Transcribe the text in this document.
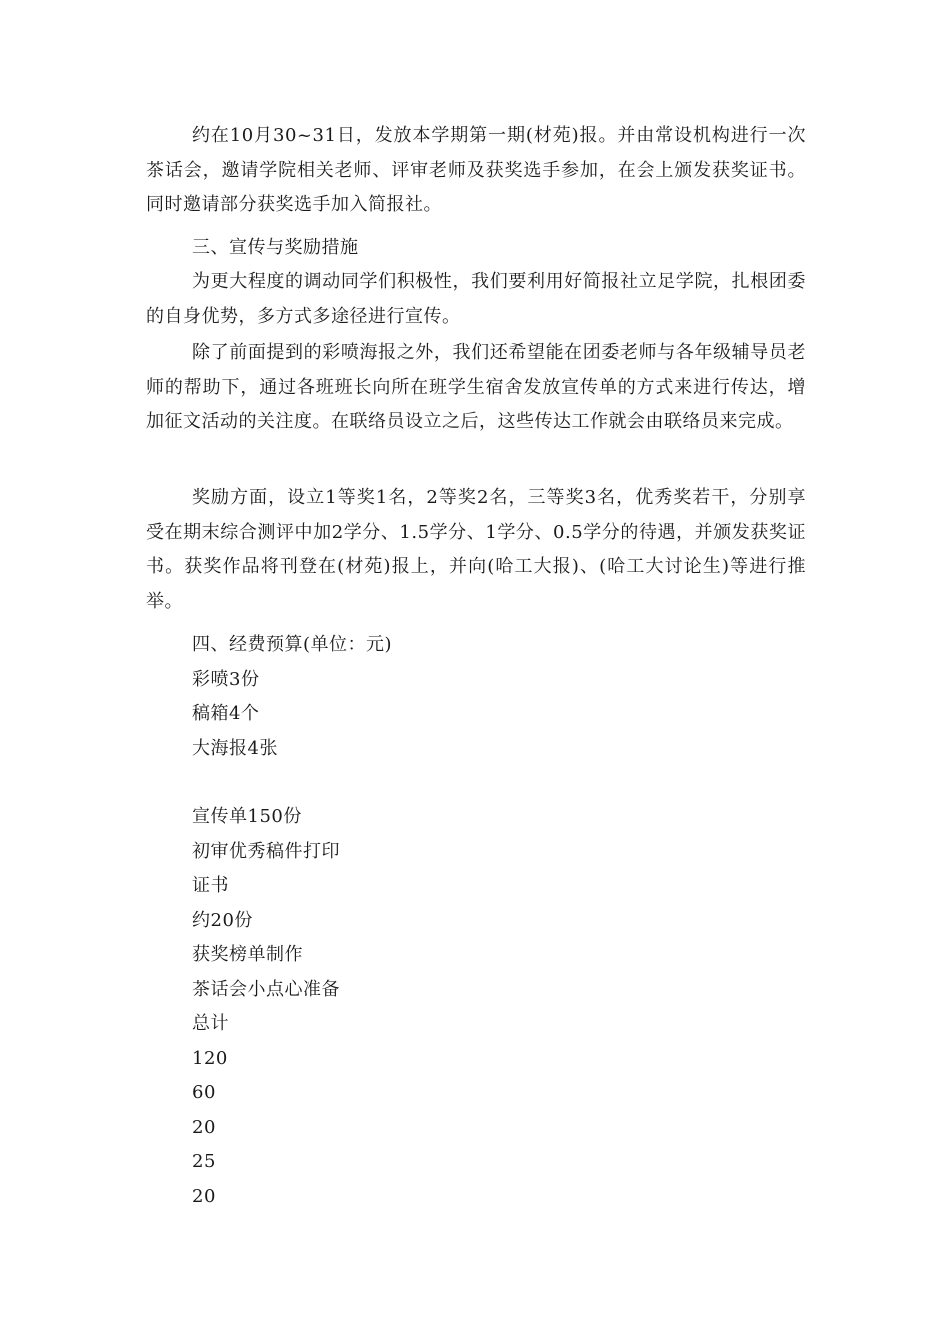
约在10月30~31日，发放本学期第一期(材苑)报。并由常设机构进行一次茶话会，邀请学院相关老师、评审老师及获奖选手参加，在会上颁发获奖证书。同时邀请部分获奖选手加入简报社。

三、宣传与奖励措施

为更大程度的调动同学们积极性，我们要利用好简报社立足学院，扎根团委的自身优势，多方式多途径进行宣传。

除了前面提到的彩喷海报之外，我们还希望能在团委老师与各年级辅导员老师的帮助下，通过各班班长向所在班学生宿舍发放宣传单的方式来进行传达，增加征文活动的关注度。在联络员设立之后，这些传达工作就会由联络员来完成。

奖励方面，设立1等奖1名，2等奖2名，三等奖3名，优秀奖若干，分别享受在期末综合测评中加2学分、1.5学分、1学分、0.5学分的待遇，并颁发获奖证书。获奖作品将刊登在(材苑)报上，并向(哈工大报)、(哈工大讨论生)等进行推举。

四、经费预算(单位：元)
彩喷3份
稿箱4个
大海报4张
宣传单150份
初审优秀稿件打印
证书
约20份
获奖榜单制作
茶话会小点心准备
总计
120
60
20
25
20
